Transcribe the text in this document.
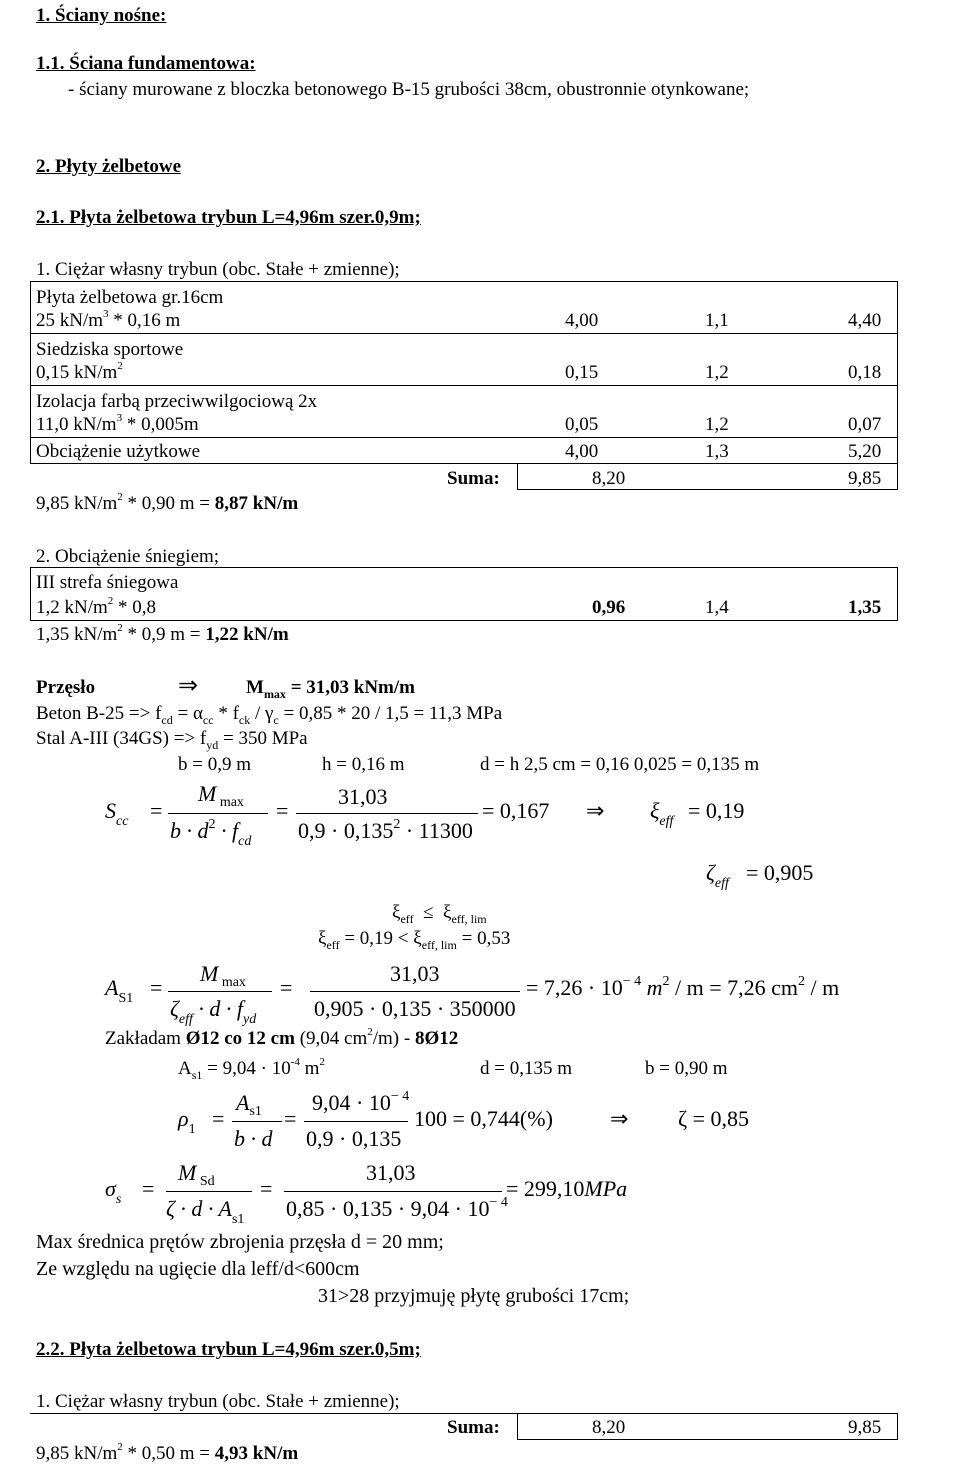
1. Ściany nośne:
1.1. Ściana fundamentowa:
- ściany murowane z bloczka betonowego B-15 grubości 38cm, obustronnie otynkowane;
2. Płyty żelbetowe
2.1. Płyta żelbetowa trybun L=4,96m szer.0,9m;
1. Ciężar własny trybun (obc. Stałe + zmienne);
Płyta żelbetowa gr.16cm
25 $kN/m^3 * 0,16$ m	4,00	1,1	4,40
Siedziska sportowe
0,15 $kN/m^2$	0,15	1,2	0,18
Izolacja farbą przeciwwilgociową 2x
11,0 $kN/m^3 * 0,005m$	0,05	1,2	0,07
Obciążenie użytkowe	4,00	1,3	5,20
Suma:	8,20	9,85
9,85 $kN/m^2 * 0,90$ m = 8,87 kN/m
2. Obciążenie śniegiem;
III strefa śniegowa
1,2 $kN/m^2 * 0,8$	0,96	1,4	1,35
1,35 $kN/m^2 * 0,9$ m = 1,22 kN/m
Przęsło	⇒	$M_{max} = 31,03$ kNm/m
Beton $B-25 => f_{cd} = \alpha_{cc} * f_{ck} / \gamma_c = 0,85 * 20 / 1,5 = 11,3$ MPa
Stal A-III $(34GS) => f_{yd} = 350$ MPa
b = 0,9 m	h = 0,16 m	d = h 2,5 cm = 0,16 0,025 = 0,135 m
$S_{cc}$ =
M $_{max}$
$b \cdot d^2 \cdot f_{cd}$
=
31,03
$0,9 \cdot 0,135^2 \cdot 11300$
= 0,167 ⇒ $\xi_{eff} = 0,19$
$\zeta_{eff} = 0,905$
$\xi_{eff} \le \xi_{eff, lim}$
$\xi_{eff} = 0,19 < \xi_{eff, lim} = 0,53$
$A_{S1}$ =
M $_{max}$
$\zeta_{eff} \cdot d \cdot f_{yd}$
=
31,03
0,905 · 0,135 · 350000
= $7,26 \cdot 10^{- 4}$ $m^2 / m = 7,26$ $cm^2$ / m
Zakładam Ø12 co 12 cm (9,04 $cm^2/m$) - 8Ø12
$A_{s1} = 9,04 \cdot 10^{-4}$ $m^2$	d = 0,135 m	b = 0,90 m
$\rho_1$ =
$A_{s1}$
b · d
=
$9,04 \cdot 10^{- 4}$
0,9 · 0,135
100 = 0,744(%)	⇒ ζ = 0,85
$\sigma_s$ =
M $_{Sd}$
$\zeta \cdot d \cdot A_{s1}$
=
31,03
$0,85 \cdot 0,135 \cdot 9,04 \cdot 10^{- 4}$
= 299,10MPa
Max średnica prętów zbrojenia przęsła d = 20 mm;
Ze względu na ugięcie dla leff/d<600cm
31>28 przyjmuję płytę grubości 17cm;
2.2. Płyta żelbetowa trybun L=4,96m szer.0,5m;
1. Ciężar własny trybun (obc. Stałe + zmienne);
Suma:	8,20	9,85
9,85 $kN/m^2 * 0,50$ m = 4,93 kN/m
